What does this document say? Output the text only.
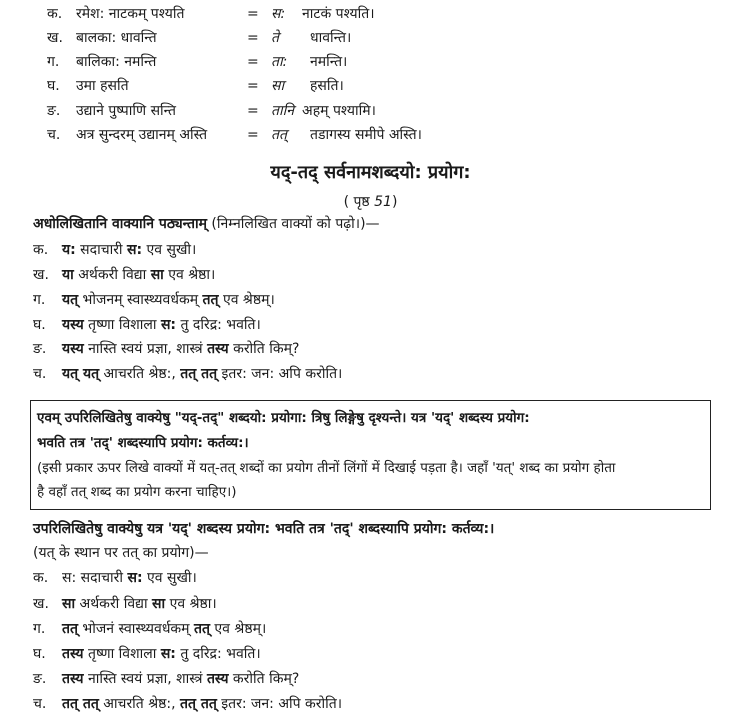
क. रमेश: नाटकम् पश्यति	= स: नाटकं पश्यति।
ख. बालका: धावन्ति	= ते धावन्ति।
ग. बालिका: नमन्ति	= ता: नमन्ति।
घ. उमा हसति	= सा हसति।
ङ. उद्याने पुष्पाणि सन्ति	= तानि अहम् पश्यामि।
च. अत्र सुन्दरम् उद्यानम् अस्ति	= तत् तडागस्य समीपे अस्ति।
यद्-तद् सर्वनामशब्दयो: प्रयोग:
( पृष्ठ 51)
अधोलिखितानि वाक्यानि पठ्यन्ताम् (निम्नलिखित वाक्यों को पढ़ो।)—
क. य: सदाचारी स: एव सुखी।
ख. या अर्थकरी विद्या सा एव श्रेष्ठा।
ग. यत् भोजनम् स्वास्थ्यवर्धकम् तत् एव श्रेष्ठम्।
घ. यस्य तृष्णा विशाला स: तु दरिद्र: भवति।
ङ. यस्य नास्ति स्वयं प्रज्ञा, शास्त्रं तस्य करोति किम्?
च. यत् यत् आचरति श्रेष्ठ:, तत् तत् इतर: जन: अपि करोति।
एवम् उपरिलिखितेषु वाक्येषु "यद्-तद्" शब्दयो: प्रयोगा: त्रिषु लिङ्गेषु दृश्यन्ते। यत्र 'यद्' शब्दस्य प्रयोग:
भवति तत्र 'तद्' शब्दस्यापि प्रयोग: कर्तव्य:।
(इसी प्रकार ऊपर लिखे वाक्यों में यत्-तत् शब्दों का प्रयोग तीनों लिंगों में दिखाई पड़ता है। जहाँ 'यत्' शब्द का प्रयोग होता
है वहाँ तत् शब्द का प्रयोग करना चाहिए।)
उपरिलिखितेषु वाक्येषु यत्र 'यद्' शब्दस्य प्रयोग: भवति तत्र 'तद्' शब्दस्यापि प्रयोग: कर्तव्य:।
(यत् के स्थान पर तत् का प्रयोग)—
क. स: सदाचारी स: एव सुखी।
ख. सा अर्थकरी विद्या सा एव श्रेष्ठा।
ग. तत् भोजनं स्वास्थ्यवर्धकम् तत् एव श्रेष्ठम्।
घ. तस्य तृष्णा विशाला स: तु दरिद्र: भवति।
ङ. तस्य नास्ति स्वयं प्रज्ञा, शास्त्रं तस्य करोति किम्?
च. तत् तत् आचरति श्रेष्ठ:, तत् तत् इतर: जन: अपि करोति।
